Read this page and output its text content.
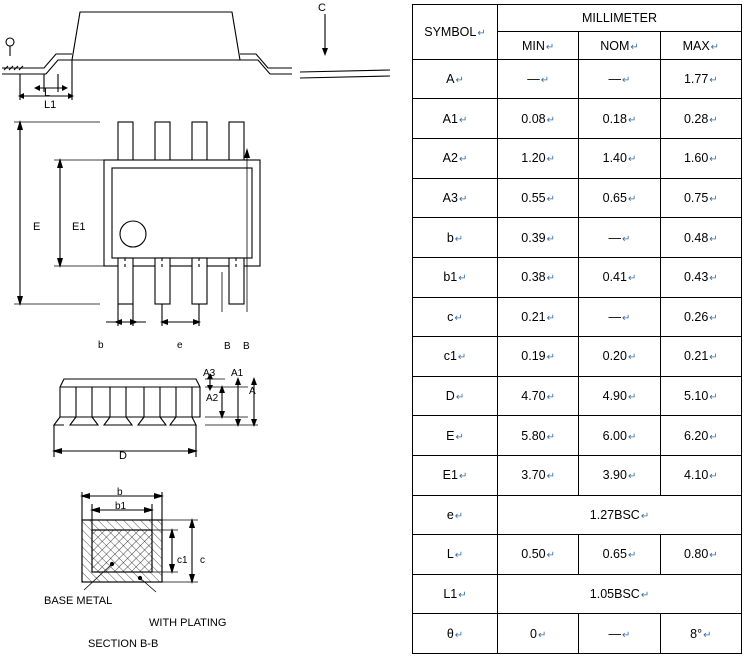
C
L
L1
E	E1
b	e	B B
A3 A1
A2
A
D
b
b1
c
c1
BASE METAL
WITH PLATING
SECTION B-B
SYMBOL↵	MILLIMETER		
	MIN↵	NOM↵	MAX↵
A↵	—↵	—↵	1.77↵
A1↵	0.08↵	0.18↵	0.28↵
A2↵	1.20↵	1.40↵	1.60↵
A3↵	0.55↵	0.65↵	0.75↵
b↵	0.39↵	—↵	0.48↵
b1↵	0.38↵	0.41↵	0.43↵
c↵	0.21↵	—↵	0.26↵
c1↵	0.19↵	0.20↵	0.21↵
D↵	4.70↵	4.90↵	5.10↵
E↵	5.80↵	6.00↵	6.20↵
E1↵	3.70↵	3.90↵	4.10↵
e↵	1.27BSC↵		
L↵	0.50↵	0.65↵	0.80↵
L1↵	1.05BSC↵		
θ↵	0↵	—↵	8°↵
